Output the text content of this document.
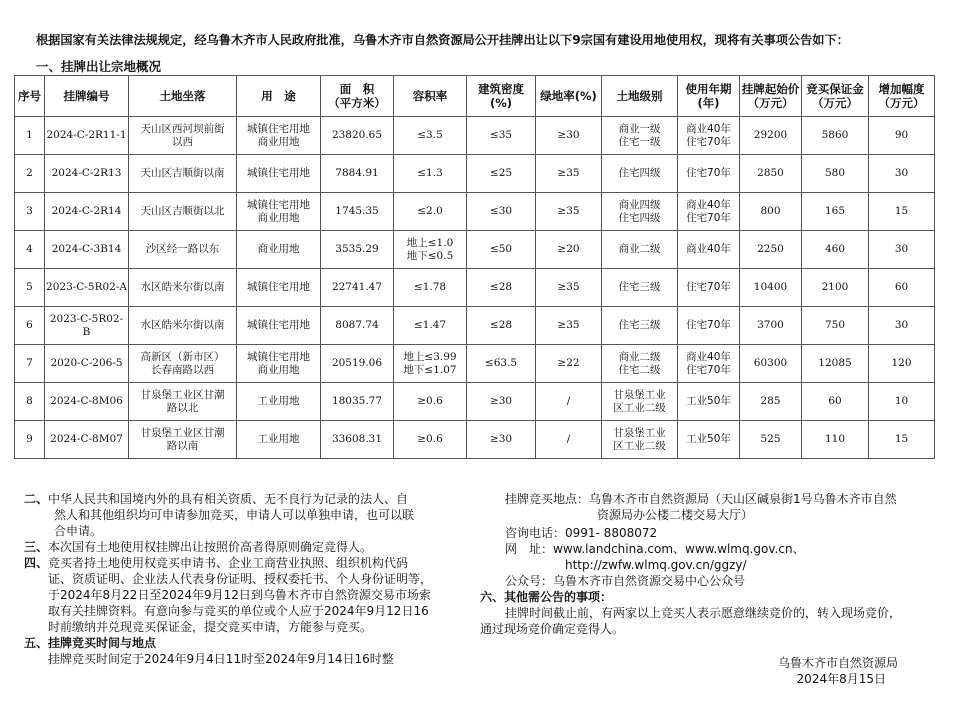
根据国家有关法律法规规定，经乌鲁木齐市人民政府批准，乌鲁木齐市自然资源局公开挂牌出让以下9宗国有建设用地使用权，现将有关事项公告如下：
一、挂牌出让宗地概况
序号	挂牌编号	土地坐落	用　途	面　积
（平方米）	容积率	建筑密度(%)	绿地率(%)	土地级别	使用年期
(年)	挂牌起始价
（万元）	竞买保证金
（万元）	增加幅度
（万元）
1	2024-C-2R11-1	天山区西河坝前街
以西	城镇住宅用地
商业用地	23820.65	≤3.5	≤35	≥30	商业一级
住宅一级	商业40年
住宅70年	29200	5860	90
2	2024-C-2R13	天山区吉顺街以南	城镇住宅用地	7884.91	≤1.3	≤25	≥35	住宅四级	住宅70年	2850	580	30
3	2024-C-2R14	天山区吉顺街以北	城镇住宅用地
商业用地	1745.35	≤2.0	≤30	≥35	商业四级
住宅四级	商业40年
住宅70年	800	165	15
4	2024-C-3B14	沙区经一路以东	商业用地	3535.29	地上≤1.0
地下≤0.5	≤50	≥20	商业二级	商业40年	2250	460	30
5	2023-C-5R02-A	水区皓米尔街以南	城镇住宅用地	22741.47	≤1.78	≤28	≥35	住宅三级	住宅70年	10400	2100	60
6	2023-C-5R02-B	水区皓米尔街以南	城镇住宅用地	8087.74	≤1.47	≤28	≥35	住宅三级	住宅70年	3700	750	30
7	2020-C-206-5	高新区（新市区）
长春南路以西	城镇住宅用地
商业用地	20519.06	地上≤3.99
地下≤1.07	≤63.5	≥22	商业二级
住宅二级	商业40年
住宅70年	60300	12085	120
8	2024-C-8M06	甘泉堡工业区甘潮
路以北	工业用地	18035.77	≥0.6	≥30	/	甘泉堡工业
区工业二级	工业50年	285	60	10
9	2024-C-8M07	甘泉堡工业区甘潮
路以南	工业用地	33608.31	≥0.6	≥30	/	甘泉堡工业
区工业二级	工业50年	525	110	15
二、 中华人民共和国境内外的具有相关资质、无不良行为记录的法人、自
然人和其他组织均可申请参加竞买，申请人可以单独申请，也可以联
合申请。
三、 本次国有土地使用权挂牌出让按照价高者得原则确定竞得人。
四、 竞买者持土地使用权竞买申请书、企业工商营业执照、组织机构代码
证、资质证明、企业法人代表身份证明、授权委托书、个人身份证明等，
于2024年8月22日至2024年9月12日到乌鲁木齐市自然资源交易市场索
取有关挂牌资料。有意向参与竞买的单位或个人应于2024年9月12日16
时前缴纳并兑现竞买保证金，提交竞买申请，方能参与竞买。
五、挂牌竞买时间与地点
挂牌竞买时间定于2024年9月4日11时至2024年9月14日16时整
挂牌竞买地点：乌鲁木齐市自然资源局（天山区碱泉街1号乌鲁木齐市自然
资源局办公楼二楼交易大厅）
咨询电话：0991- 8808072
网　址：www.landchina.com、www.wlmq.gov.cn、
http://zwfw.wlmq.gov.cn/ggzy/
公众号：乌鲁木齐市自然资源交易中心公众号
六、其他需公告的事项：
挂牌时间截止前，有两家以上竞买人表示愿意继续竞价的，转入现场竞价，
通过现场竞价确定竞得人。
乌鲁木齐市自然资源局
2024年8月15日
